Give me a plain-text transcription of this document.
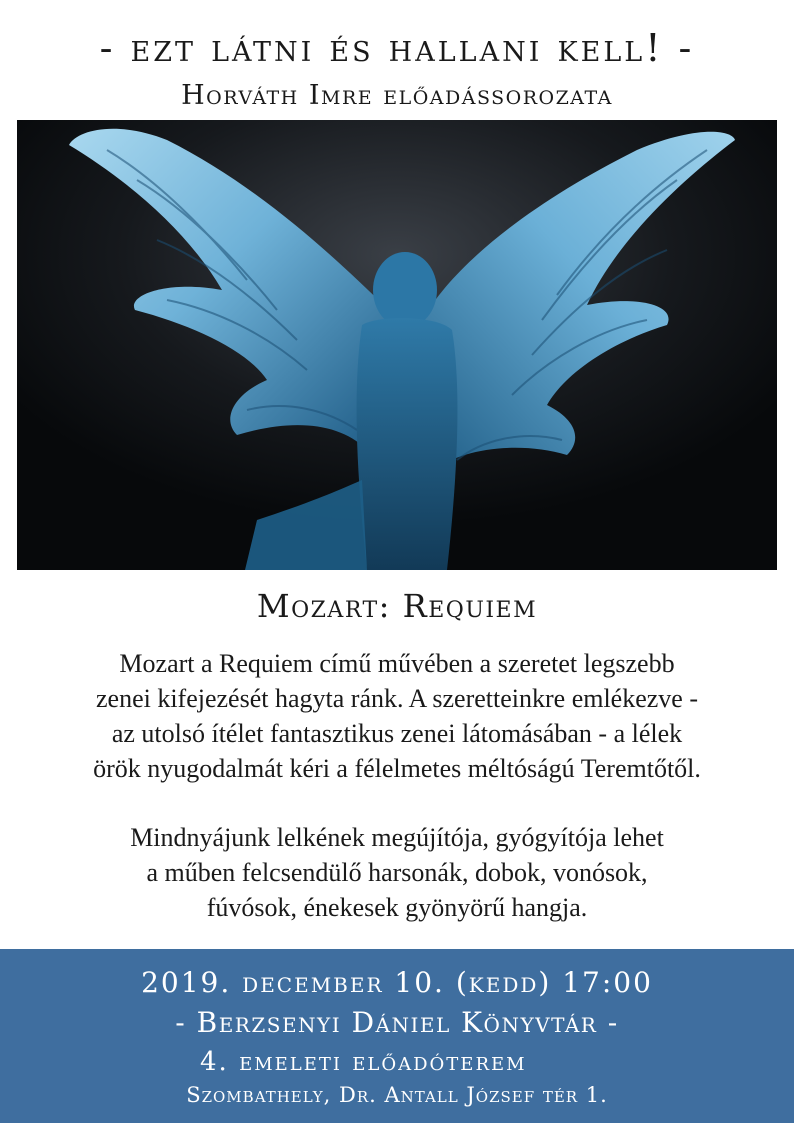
- ezt látni és hallani kell! -
Horváth Imre előadássorozata
Mozart: Requiem
Mozart a Requiem című művében a szeretet legszebb
zenei kifejezését hagyta ránk. A szeretteinkre emlékezve -
az utolsó ítélet fantasztikus zenei látomásában - a lélek
örök nyugodalmát kéri a félelmetes méltóságú Teremtőtől.
Mindnyájunk lelkének megújítója, gyógyítója lehet
a műben felcsendülő harsonák, dobok, vonósok,
fúvósok, énekesek gyönyörű hangja.
2019. december 10. (kedd) 17:00
- Berzsenyi Dániel Könyvtár -
4. emeleti előadóterem
Szombathely, Dr. Antall József tér 1.
